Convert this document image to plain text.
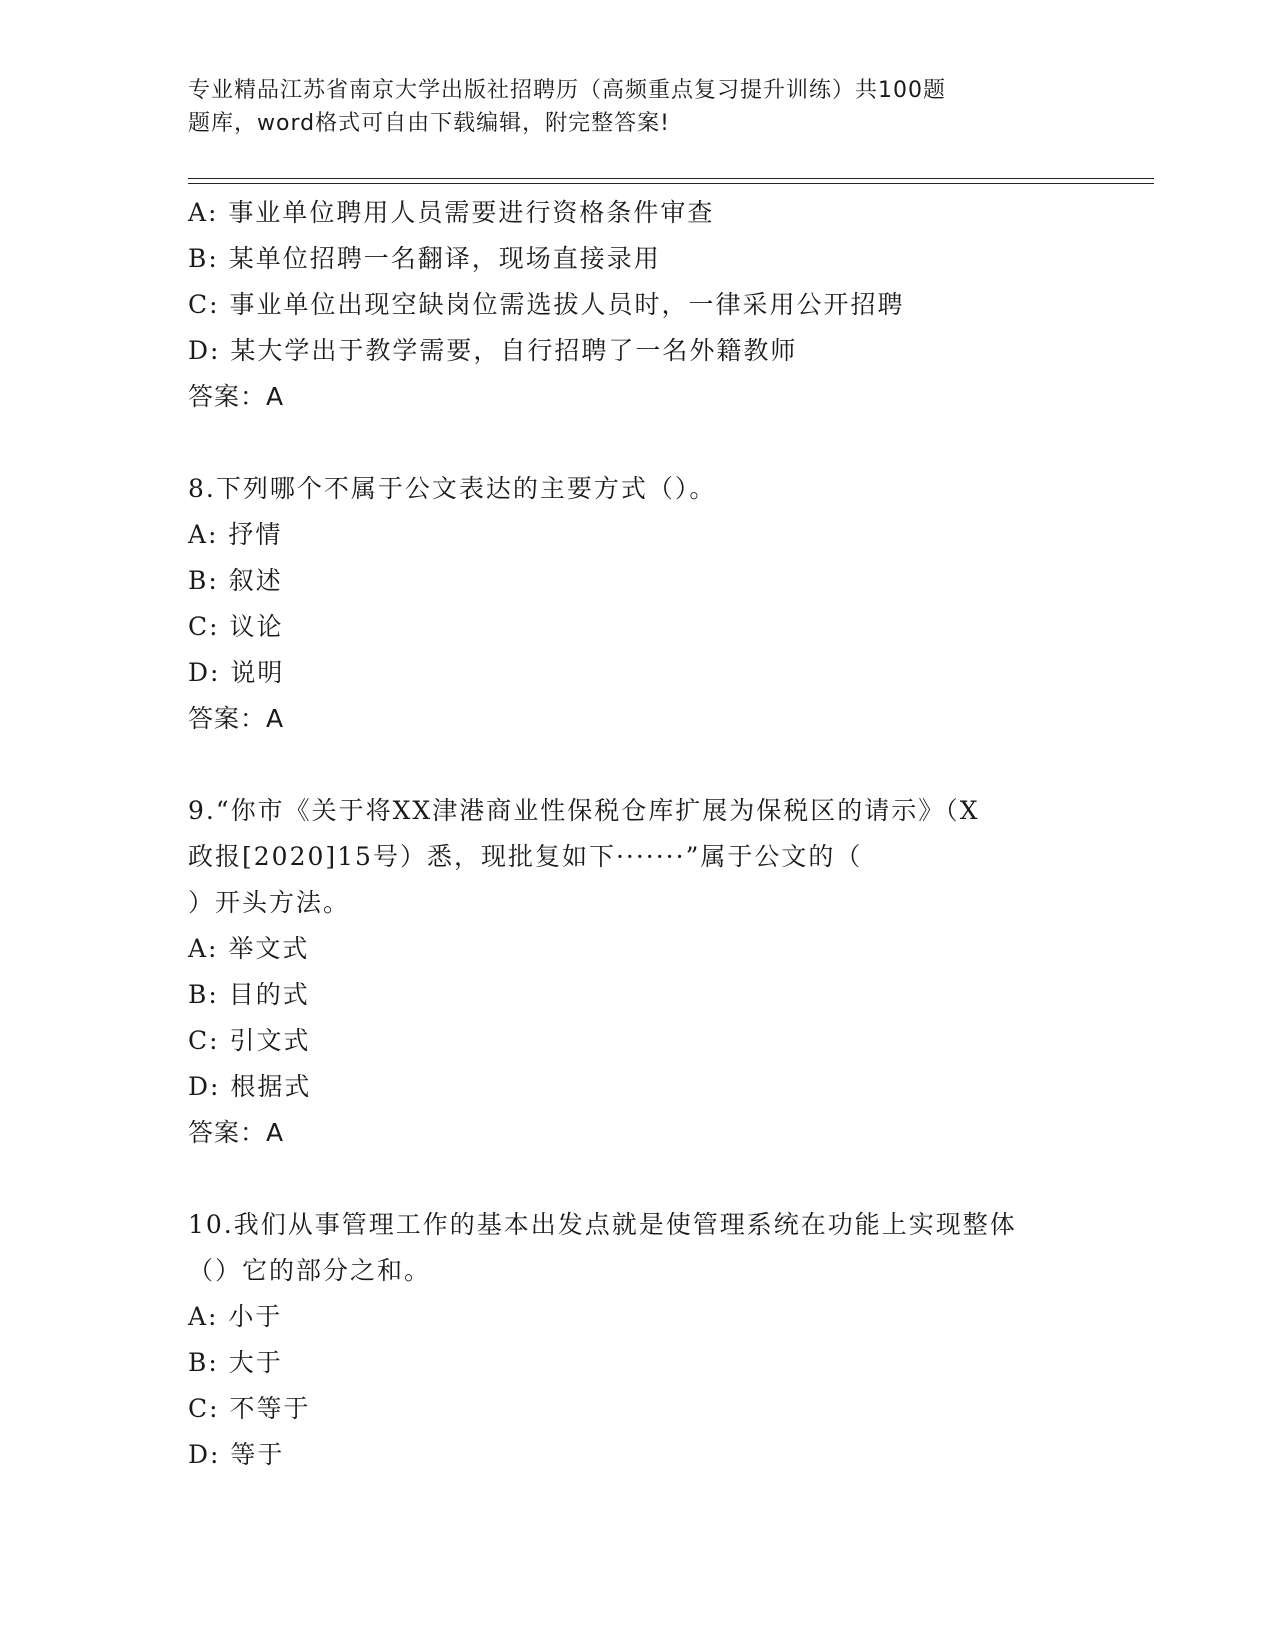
专业精品江苏省南京大学出版社招聘历（高频重点复习提升训练）共100题
题库，word格式可自由下载编辑，附完整答案!
A: 事业单位聘用人员需要进行资格条件审查
B: 某单位招聘一名翻译，现场直接录用
C: 事业单位出现空缺岗位需选拔人员时，一律采用公开招聘
D: 某大学出于教学需要，自行招聘了一名外籍教师
答案：A
8.下列哪个不属于公文表达的主要方式（）。
A: 抒情
B: 叙述
C: 议论
D: 说明
答案：A
9.“你市《关于将XX津港商业性保税仓库扩展为保税区的请示》（X
政报[2020]15号）悉，现批复如下·······”属于公文的（
）开头方法。
A: 举文式
B: 目的式
C: 引文式
D: 根据式
答案：A
10.我们从事管理工作的基本出发点就是使管理系统在功能上实现整体
（）它的部分之和。
A: 小于
B: 大于
C: 不等于
D: 等于
